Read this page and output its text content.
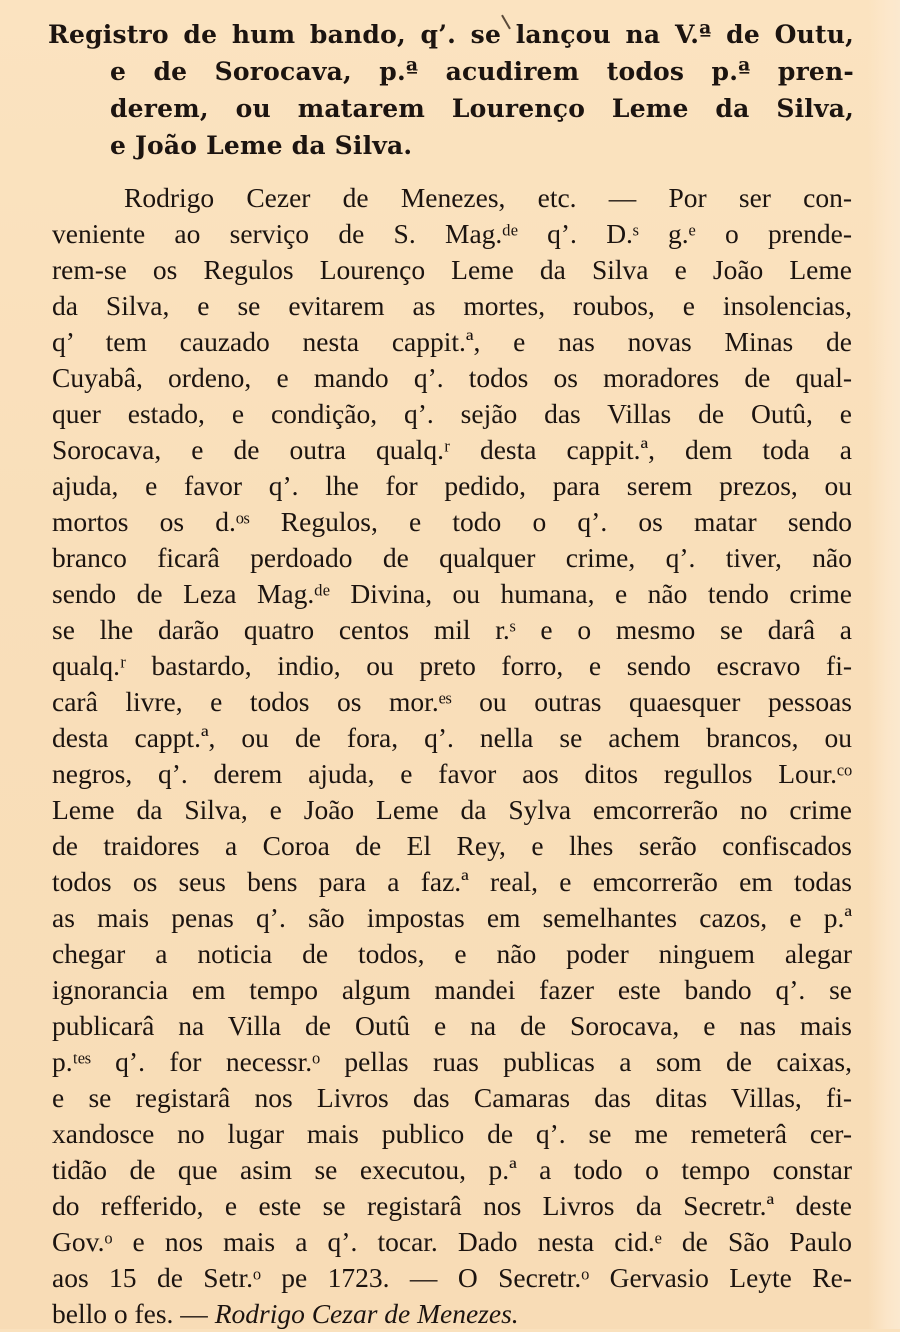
Registro de hum bando, q’. se lançou na V.ª de Outu,
e de Sorocava, p.ª acudirem todos p.ª pren-
derem, ou matarem Lourenço Leme da Silva,
e João Leme da Silva.
Rodrigo Cezer de Menezes, etc. — Por ser con-
veniente ao serviço de S. Mag.ᵈᵉ q’. D.ˢ g.ᵉ o prende-
rem-se os Regulos Lourenço Leme da Silva e João Leme
da Silva, e se evitarem as mortes, roubos, e insolencias,
q’ tem cauzado nesta cappit.ª, e nas novas Minas de
Cuyabâ, ordeno, e mando q’. todos os moradores de qual-
quer estado, e condição, q’. sejão das Villas de Outû, e
Sorocava, e de outra qualq.ʳ desta cappit.ª, dem toda a
ajuda, e favor q’. lhe for pedido, para serem prezos, ou
mortos os d.ᵒˢ Regulos, e todo o q’. os matar sendo
branco ficarâ perdoado de qualquer crime, q’. tiver, não
sendo de Leza Mag.ᵈᵉ Divina, ou humana, e não tendo crime
se lhe darão quatro centos mil r.ˢ e o mesmo se darâ a
qualq.ʳ bastardo, indio, ou preto forro, e sendo escravo fi-
carâ livre, e todos os mor.ᵉˢ ou outras quaesquer pessoas
desta cappt.ª, ou de fora, q’. nella se achem brancos, ou
negros, q’. derem ajuda, e favor aos ditos regullos Lour.ᶜᵒ
Leme da Silva, e João Leme da Sylva emcorrerão no crime
de traidores a Coroa de El Rey, e lhes serão confiscados
todos os seus bens para a faz.ª real, e emcorrerão em todas
as mais penas q’. são impostas em semelhantes cazos, e p.ª
chegar a noticia de todos, e não poder ninguem alegar
ignorancia em tempo algum mandei fazer este bando q’. se
publicarâ na Villa de Outû e na de Sorocava, e nas mais
p.ᵗᵉˢ q’. for necessr.ᵒ pellas ruas publicas a som de caixas,
e se registarâ nos Livros das Camaras das ditas Villas, fi-
xandosce no lugar mais publico de q’. se me remeterâ cer-
tidão de que asim se executou, p.ª a todo o tempo constar
do refferido, e este se registarâ nos Livros da Secretr.ª deste
Gov.ᵒ e nos mais a q’. tocar. Dado nesta cid.ᵉ de São Paulo
aos 15 de Setr.ᵒ pe 1723. — O Secretr.ᵒ Gervasio Leyte Re-
bello o fes. — Rodrigo Cezar de Menezes.
